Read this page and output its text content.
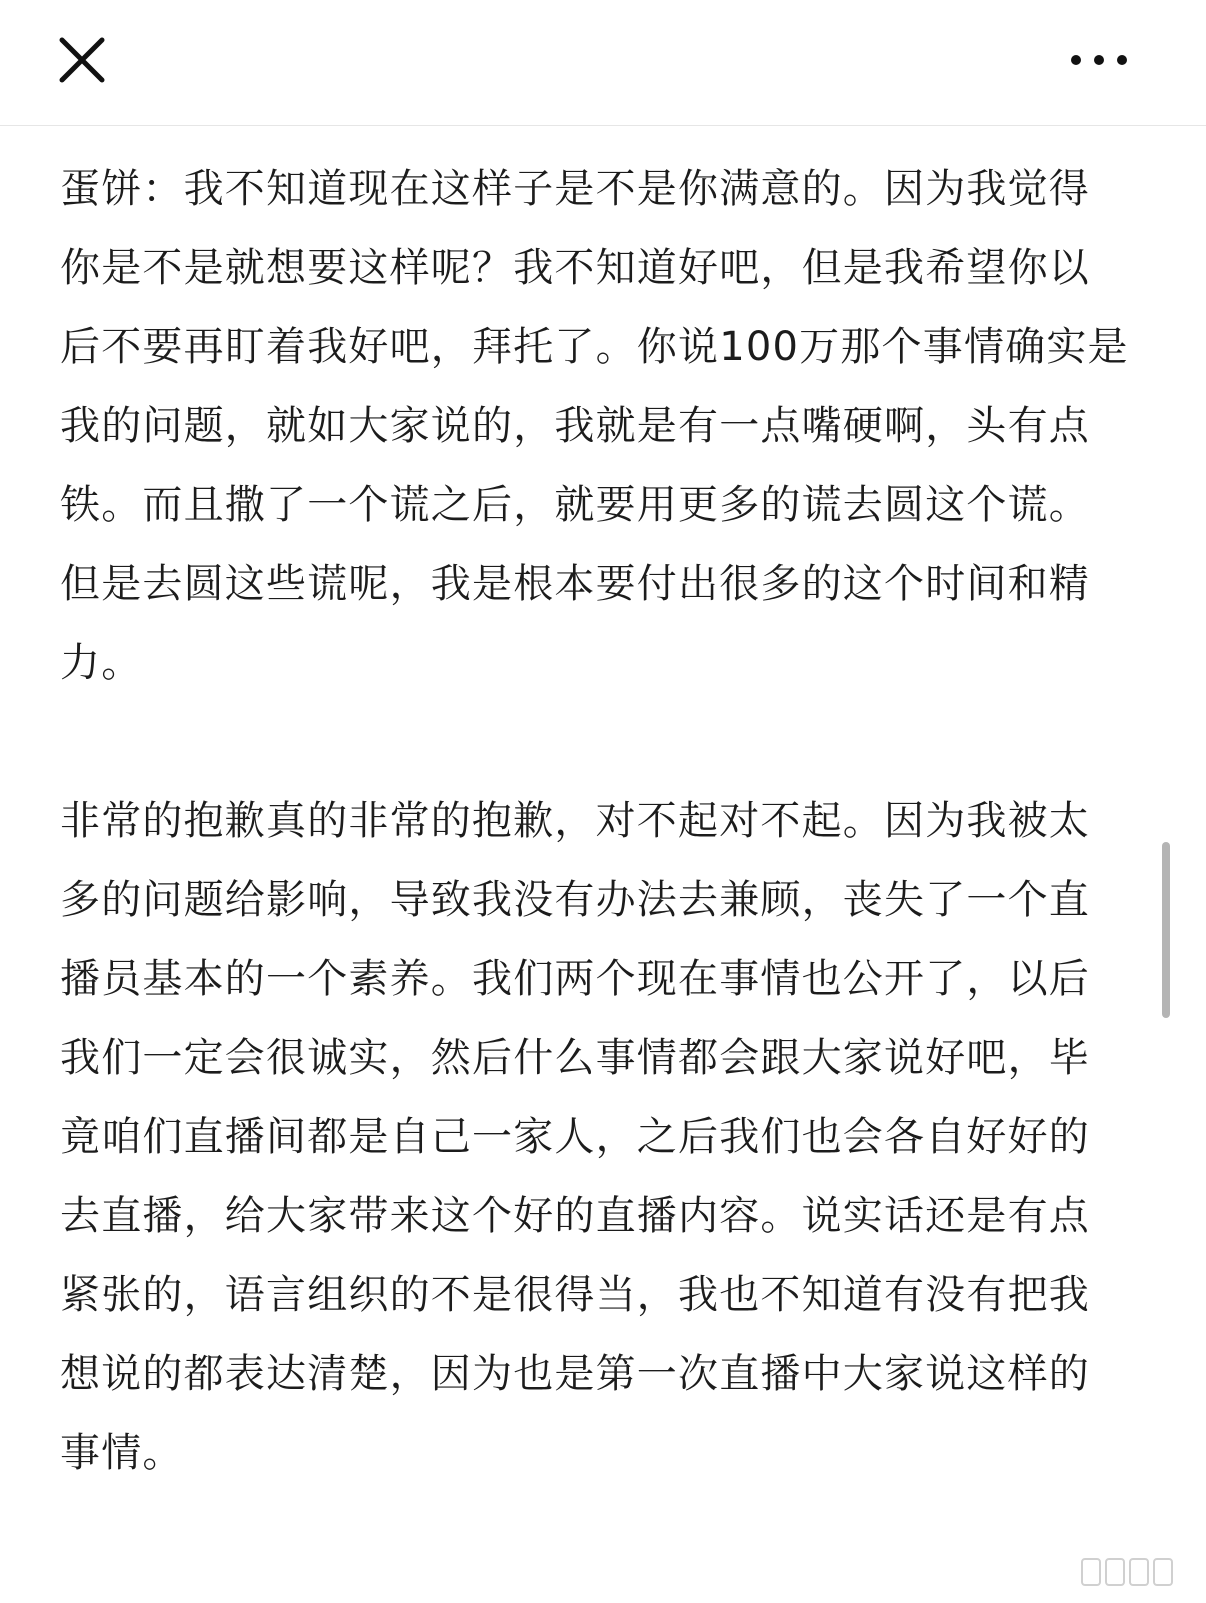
蛋饼：我不知道现在这样子是不是你满意的。因为我觉得你是不是就想要这样呢？我不知道好吧，但是我希望你以后不要再盯着我好吧，拜托了。你说100万那个事情确实是我的问题，就如大家说的，我就是有一点嘴硬啊，头有点铁。而且撒了一个谎之后，就要用更多的谎去圆这个谎。但是去圆这些谎呢，我是根本要付出很多的这个时间和精力。

非常的抱歉真的非常的抱歉，对不起对不起。因为我被太多的问题给影响，导致我没有办法去兼顾，丧失了一个直播员基本的一个素养。我们两个现在事情也公开了，以后我们一定会很诚实，然后什么事情都会跟大家说好吧，毕竟咱们直播间都是自己一家人，之后我们也会各自好好的去直播，给大家带来这个好的直播内容。说实话还是有点紧张的，语言组织的不是很得当，我也不知道有没有把我想说的都表达清楚，因为也是第一次直播中大家说这样的事情。
